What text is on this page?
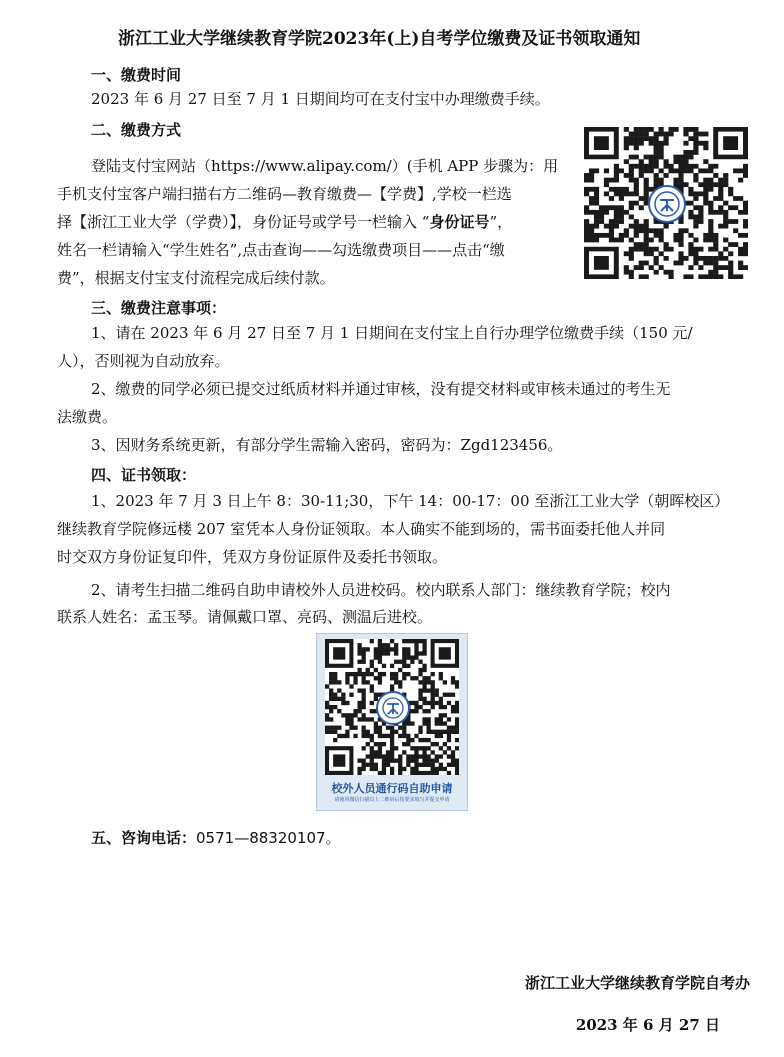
浙江工业大学继续教育学院2023年(上)自考学位缴费及证书领取通知
一、缴费时间
2023 年 6 月 27 日至 7 月 1 日期间均可在支付宝中办理缴费手续。
二、缴费方式
登陆支付宝网站（https://www.alipay.com/）(手机 APP 步骤为：用
手机支付宝客户端扫描右方二维码—教育缴费—【学费】,学校一栏选
择【浙江工业大学（学费）】，身份证号或学号一栏输入 “身份证号”，
姓名一栏请输入“学生姓名”,点击查询——勾选缴费项目——点击“缴
费”，根据支付宝支付流程完成后续付款。
三、缴费注意事项：
1、请在 2023 年 6 月 27 日至 7 月 1 日期间在支付宝上自行办理学位缴费手续（150 元/
人），否则视为自动放弃。
2、缴费的同学必须已提交过纸质材料并通过审核，没有提交材料或审核未通过的考生无
法缴费。
3、因财务系统更新，有部分学生需输入密码，密码为：Zgd123456。
四、证书领取：
1、2023 年 7 月 3 日上午 8：30-11;30，下午 14：00-17：00 至浙江工业大学（朝晖校区）
继续教育学院修远楼 207 室凭本人身份证领取。本人确实不能到场的，需书面委托他人并同
时交双方身份证复印件，凭双方身份证原件及委托书领取。
2、请考生扫描二维码自助申请校外人员进校码。校内联系人部门：继续教育学院；校内
联系人姓名：孟玉琴。请佩戴口罩、亮码、测温后进校。
校外人员通行码自助申请
请使用微信扫描以上二维码后按要求填写并提交申请
五、咨询电话：0571—88320107。
浙江工业大学继续教育学院自考办
2023 年 6 月 27 日
